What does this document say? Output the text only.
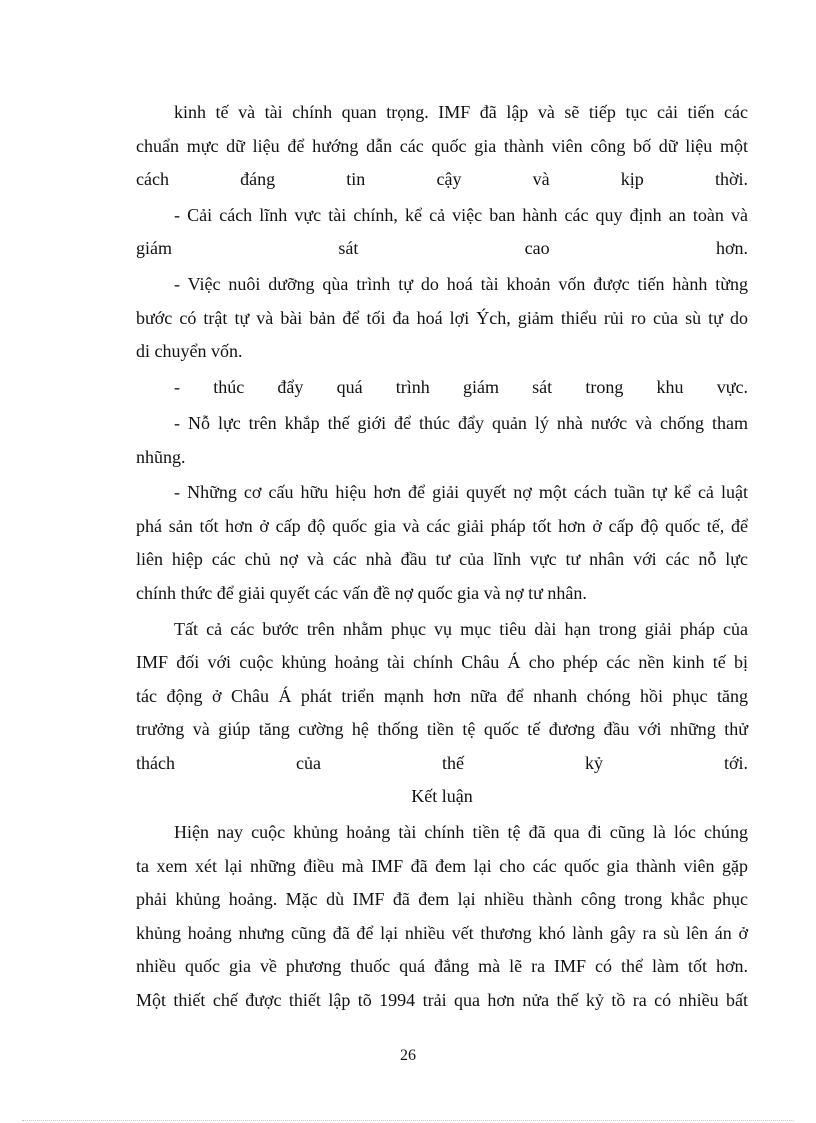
kinh tế và tài chính quan trọng. IMF đã lập và sẽ tiếp tục cải tiến các
chuẩn mực dữ liệu để hướng dẫn các quốc gia thành viên công bố dữ liệu một
cách đáng tin cậy và kịp thời.
- Cải cách lĩnh vực tài chính, kể cả việc ban hành các quy định an toàn và
giám sát cao hơn.
- Việc nuôi dưỡng qùa trình tự do hoá tài khoản vốn được tiến hành từng
bước có trật tự và bài bản để tối đa hoá lợi Ých, giảm thiểu rủi ro của sù tự do
di chuyển vốn.
- thúc đẩy quá trình giám sát trong khu vực.
- Nỗ lực trên khắp thế giới để thúc đẩy quản lý nhà nước và chống tham
nhũng.
- Những cơ cấu hữu hiệu hơn để giải quyết nợ một cách tuần tự kể cả luật
phá sản tốt hơn ở cấp độ quốc gia và các giải pháp tốt hơn ở cấp độ quốc tế, để
liên hiệp các chủ nợ và các nhà đầu tư của lĩnh vực tư nhân với các nỗ lực
chính thức để giải quyết các vấn đề nợ quốc gia và nợ tư nhân.
Tất cả các bước trên nhằm phục vụ mục tiêu dài hạn trong giải pháp của
IMF đối với cuộc khủng hoảng tài chính Châu Á cho phép các nền kinh tế bị
tác động ở Châu Á phát triển mạnh hơn nữa để nhanh chóng hồi phục tăng
trưởng và giúp tăng cường hệ thống tiền tệ quốc tế đương đầu với những thử
thách của thế kỷ tới.
Kết luận
Hiện nay cuộc khủng hoảng tài chính tiền tệ đã qua đi cũng là lóc chúng
ta xem xét lại những điều mà IMF đã đem lại cho các quốc gia thành viên gặp
phải khủng hoảng. Mặc dù IMF đã đem lại nhiều thành công trong khắc phục
khủng hoảng nhưng cũng đã để lại nhiều vết thương khó lành gây ra sù lên án ở
nhiều quốc gia về phương thuốc quá đắng mà lẽ ra IMF có thể làm tốt hơn.
Một thiết chế được thiết lập tõ 1994 trải qua hơn nửa thế kỷ tồ ra có nhiều bất
26
